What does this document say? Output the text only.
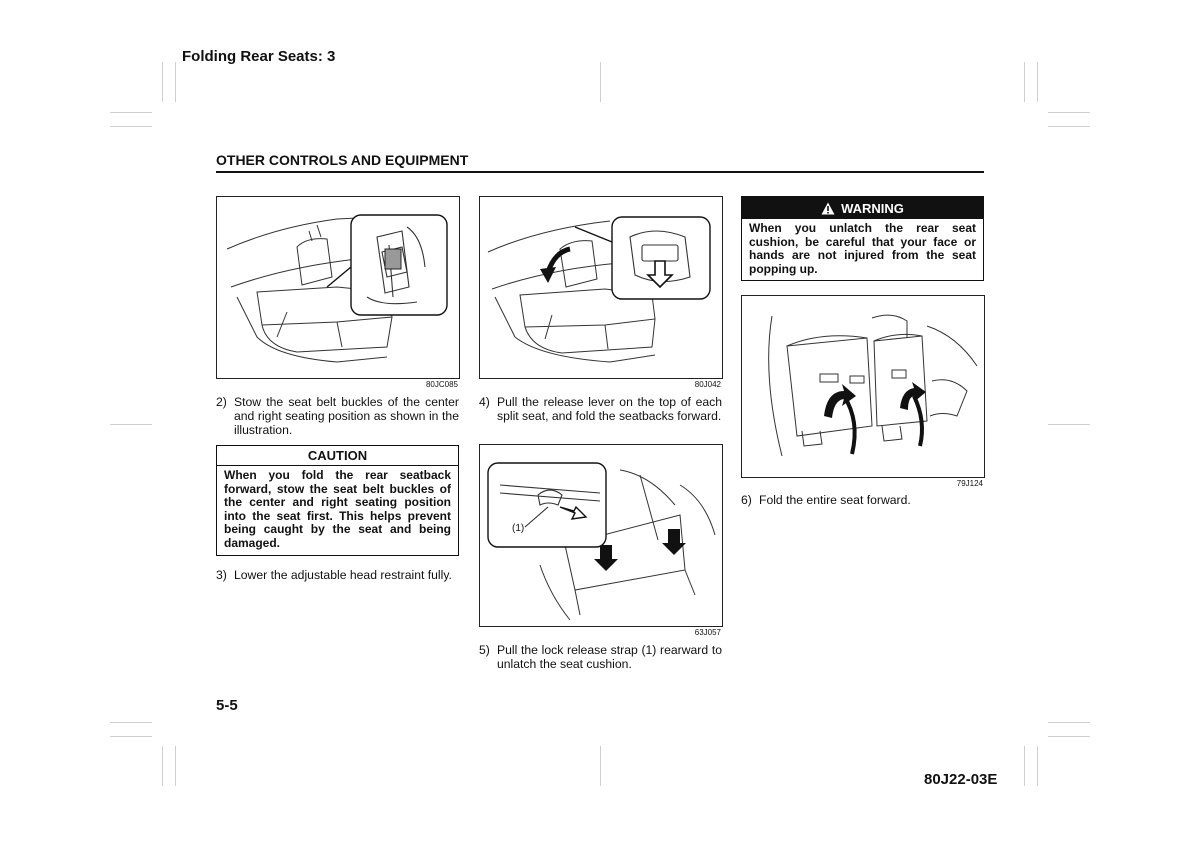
Folding Rear Seats: 3
OTHER CONTROLS AND EQUIPMENT
80JC085
2) Stow the seat belt buckles of the center and right seating position as shown in the illustration.
CAUTION
When you fold the rear seatback forward, stow the seat belt buckles of the center and right seating position into the seat first. This helps prevent being caught by the seat and being damaged.
3) Lower the adjustable head restraint fully.
80J042
4) Pull the release lever on the top of each split seat, and fold the seatbacks forward.
(1)
63J057
5) Pull the lock release strap (1) rearward to unlatch the seat cushion.
WARNING
When you unlatch the rear seat cushion, be careful that your face or hands are not injured from the seat popping up.
79J124
6) Fold the entire seat forward.
5-5
80J22-03E
